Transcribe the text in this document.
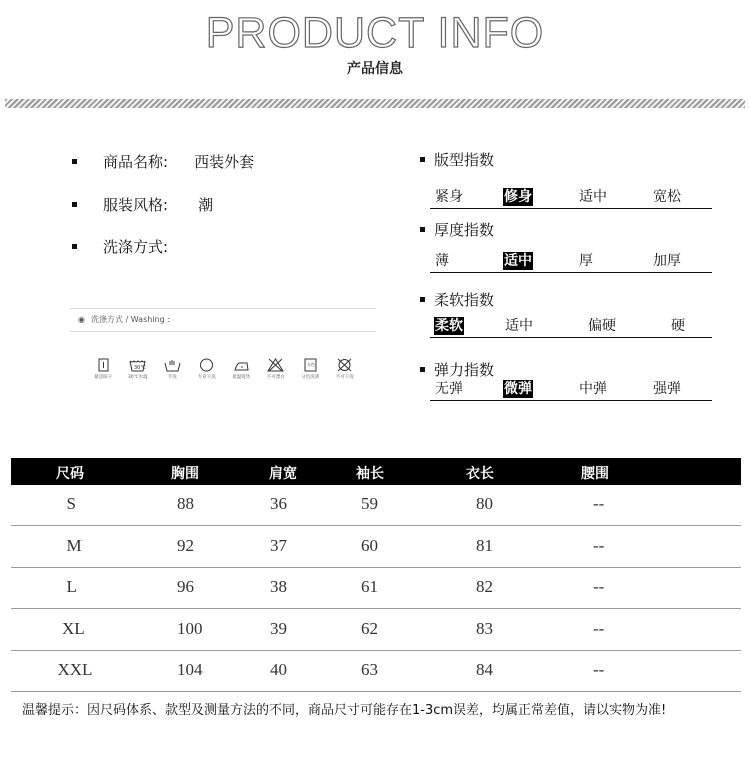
PRODUCT INFO
产品信息
商品名称: 西装外套
服装风格: 潮
洗涤方式:
◉ 洗涤方式 / Washing :
最适晾干
30℃
30℃水温	手洗	专业干洗	低温熨烫	不可漂白
分色
分色洗涤	不可干洗
版型指数
紧身	修身	适中	宽松
厚度指数
薄	适中	厚	加厚
柔软指数
柔软	适中	偏硬	硬
弹力指数
无弹	微弹	中弹	强弹
尺码	胸围	肩宽	袖长	衣长	腰围
S	88	36	59	80	--
M	92	37	60	81	--
L	96	38	61	82	--
XL	100	39	62	83	--
XXL	104	40	63	84	--
温馨提示：因尺码体系、款型及测量方法的不同，商品尺寸可能存在1-3cm误差，均属正常差值，请以实物为准!
